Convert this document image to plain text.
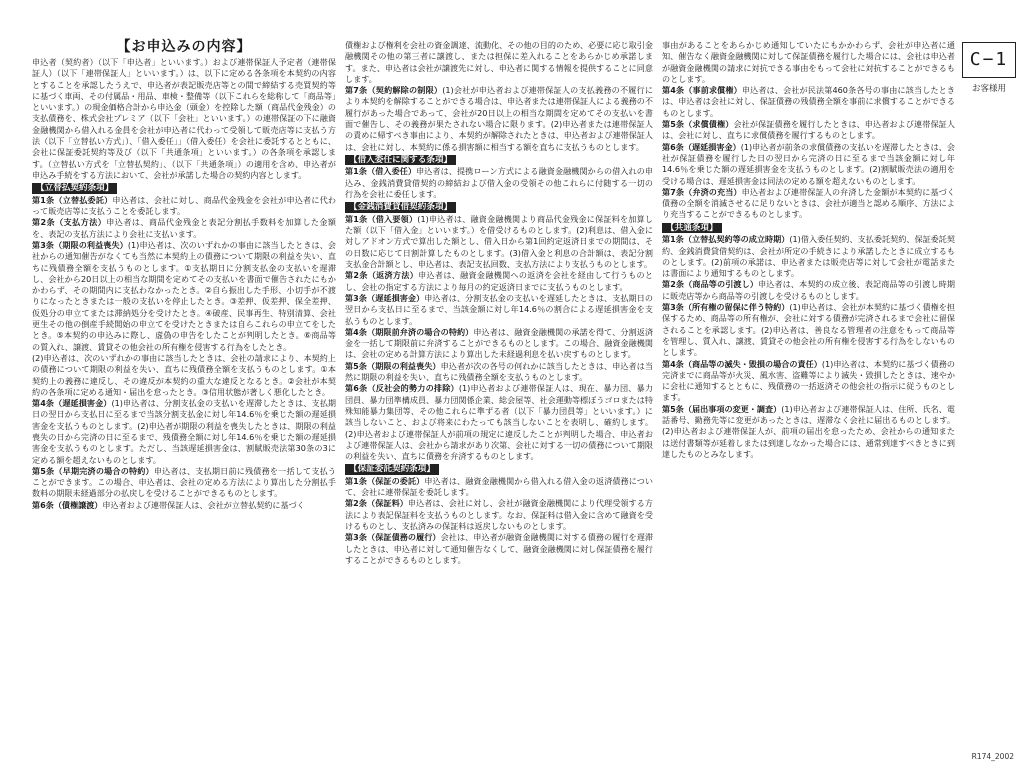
【お申込みの内容】

申込者（契約者）（以下「申込者」といいます。）および連帯保証人予定者（連帯保証人）（以下「連帯保証人」といいます。）は、以下に定める各条項を本契約の内容とすることを承認したうえで、申込者が表記販売店等との間で締結する売買契約等に基づく車両、その付属品・用品、車検・整備等（以下これらを総称して「商品等」といいます。）の現金価格合計から申込金（頭金）を控除した額（商品代金残金）の支払債務を、株式会社プレミア（以下「会社」といいます。）の連帯保証の下に融資金融機関から借入れる金員を会社が申込者に代わって受領して販売店等に支払う方法（以下「立替払い方式」）、「借入委任」」（借入委任）を会社に委託するとともに、会社に保証委託契約等及び（以下「共通条項」といいます。）の各条項を承認します。（立替払い方式を「立替払契約」、（以下「共通条項」）の適用を含め、申込者が申込み手続をする方法において、会社が承諾した場合の契約内容とします。

【立替払契約条項】

第1条（立替払委託）申込者は、会社に対し、商品代金残金を会社が申込者に代わって販売店等に支払うことを委託します。

第2条（支払方法）申込者は、商品代金残金と表記分割払手数料を加算した金額を、表記の支払方法により会社に支払います。

第3条（期限の利益喪失）(1)申込者は、次のいずれかの事由に該当したときは、会社からの通知催告がなくても当然に本契約上の債務について期限の利益を失い、直ちに残債務全額を支払うものとします。①支払期日に分割支払金の支払いを遅滞し、会社から20日以上の相当な期間を定めてその支払いを書面で催告されたにもかかわらず、その期間内に支払わなかったとき。②自ら振出した手形、小切手が不渡りになったときまたは一般の支払いを停止したとき。③差押、仮差押、保全差押、仮処分の申立てまたは滞納処分を受けたとき。④破産、民事再生、特別清算、会社更生その他の倒産手続開始の申立てを受けたときまたは自らこれらの申立てをしたとき。⑤本契約の申込みに際し、虚偽の申告をしたことが判明したとき。⑥商品等の質入れ、譲渡、賃貸その他会社の所有権を侵害する行為をしたとき。

(2)申込者は、次のいずれかの事由に該当したときは、会社の請求により、本契約上の債務について期限の利益を失い、直ちに残債務全額を支払うものとします。①本契約上の義務に違反し、その違反が本契約の重大な違反となるとき。②会社が本契約の各条項に定める通知・届出を怠ったとき。③信用状態が著しく悪化したとき。

第4条（遅延損害金）(1)申込者は、分割支払金の支払いを遅滞したときは、支払期日の翌日から支払日に至るまで当該分割支払金に対し年14.6％を乗じた額の遅延損害金を支払うものとします。(2)申込者が期限の利益を喪失したときは、期限の利益喪失の日から完済の日に至るまで、残債務全額に対し年14.6％を乗じた額の遅延損害金を支払うものとします。ただし、当該遅延損害金は、割賦販売法第30条の3に定める額を超えないものとします。

第5条（早期完済の場合の特約）申込者は、支払期日前に残債務を一括して支払うことができます。この場合、申込者は、会社の定める方法により算出した分割払手数料の期限未経過部分の払戻しを受けることができるものとします。

第6条（債権譲渡）申込者および連帯保証人は、会社が立替払契約に基づく

債権および権利を会社の資金調達、流動化、その他の目的のため、必要に応じ取引金融機関その他の第三者に譲渡し、または担保に差入れることをあらかじめ承諾します。また、申込者は会社が譲渡先に対し、申込者に関する情報を提供することに同意します。

第7条（契約解除の制限）(1)会社が申込者および連帯保証人の支払義務の不履行により本契約を解除することができる場合は、申込者または連帯保証人による義務の不履行があった場合であって、会社が20日以上の相当な期間を定めてその支払いを書面で催告し、その義務が果たされない場合に限ります。(2)申込者または連帯保証人の責めに帰すべき事由により、本契約が解除されたときは、申込者および連帯保証人は、会社に対し、本契約に係る損害額に相当する額を直ちに支払うものとします。

【借入委任に関する条項】

第1条（借入委任）申込者は、提携ローン方式による融資金融機関からの借入れの申込み、金銭消費貸借契約の締結および借入金の受領その他これらに付随する一切の行為を会社に委任します。

【金銭消費貸借契約条項】

第1条（借入要領）(1)申込者は、融資金融機関より商品代金残金に保証料を加算した額（以下「借入金」といいます。）を借受けるものとします。(2)利息は、借入金に対しアドオン方式で算出した額とし、借入日から第1回約定返済日までの期間は、その日数に応じて日割計算したものとします。(3)借入金と利息の合計額は、表記分割支払金合計額とし、申込者は、表記支払回数、支払方法により支払うものとします。

第2条（返済方法）申込者は、融資金融機関への返済を会社を経由して行うものとし、会社の指定する方法により毎月の約定返済日までに支払うものとします。

第3条（遅延損害金）申込者は、分割支払金の支払いを遅延したときは、支払期日の翌日から支払日に至るまで、当該金額に対し年14.6％の割合による遅延損害金を支払うものとします。

第4条（期限前弁済の場合の特約）申込者は、融資金融機関の承諾を得て、分割返済金を一括して期限前に弁済することができるものとします。この場合、融資金融機関は、会社の定める計算方法により算出した未経過利息を払い戻すものとします。

第5条（期限の利益喪失）申込者が次の各号の何れかに該当したときは、申込者は当然に期限の利益を失い、直ちに残債務全額を支払うものとします。

第6条（反社会的勢力の排除）(1)申込者および連帯保証人は、現在、暴力団、暴力団員、暴力団準構成員、暴力団関係企業、総会屋等、社会運動等標ぼうゴロまたは特殊知能暴力集団等、その他これらに準ずる者（以下「暴力団員等」といいます。）に該当しないこと、および将来にわたっても該当しないことを表明し、確約します。(2)申込者および連帯保証人が前項の規定に違反したことが判明した場合、申込者および連帯保証人は、会社から請求があり次第、会社に対する一切の債務について期限の利益を失い、直ちに債務を弁済するものとします。

【保証委託契約条項】

第1条（保証の委託）申込者は、融資金融機関から借入れる借入金の返済債務について、会社に連帯保証を委託します。

第2条（保証料）申込者は、会社に対し、会社が融資金融機関により代理受領する方法により表記保証料を支払うものとします。なお、保証料は借入金に含めて融資を受けるものとし、支払済みの保証料は返戻しないものとします。

第3条（保証債務の履行）会社は、申込者が融資金融機関に対する債務の履行を遅滞したときは、申込者に対して通知催告なくして、融資金融機関に対し保証債務を履行することができるものとします。

事由があることをあらかじめ通知していたにもかかわらず、会社が申込者に通知、催告なく融資金融機関に対して保証債務を履行した場合には、会社は申込者が融資金融機関の請求に対抗できる事由をもって会社に対抗することができるものとします。

第4条（事前求償権）申込者は、会社が民法第460条各号の事由に該当したときは、申込者は会社に対し、保証債務の残債務全額を事前に求償することができるものとします。

第5条（求償債権）会社が保証債務を履行したときは、申込者および連帯保証人は、会社に対し、直ちに求償債務を履行するものとします。

第6条（遅延損害金）(1)申込者が前条の求償債務の支払いを遅滞したときは、会社が保証債務を履行した日の翌日から完済の日に至るまで当該金額に対し年14.6％を乗じた額の遅延損害金を支払うものとします。(2)割賦販売法の適用を受ける場合は、遅延損害金は同法の定める額を超えないものとします。

第7条（弁済の充当）申込者および連帯保証人の弁済した金額が本契約に基づく債務の全額を消滅させるに足りないときは、会社が適当と認める順序、方法により充当することができるものとします。

【共通条項】

第1条（立替払契約等の成立時期）(1)借入委任契約、支払委託契約、保証委託契約、金銭消費貸借契約は、会社が所定の手続きにより承諾したときに成立するものとします。(2)前項の承諾は、申込者または販売店等に対して会社が電話または書面により通知するものとします。

第2条（商品等の引渡し）申込者は、本契約の成立後、表記商品等の引渡し時期に販売店等から商品等の引渡しを受けるものとします。

第3条（所有権の留保に伴う特約）(1)申込者は、会社が本契約に基づく債権を担保するため、商品等の所有権が、会社に対する債務が完済されるまで会社に留保されることを承認します。(2)申込者は、善良なる管理者の注意をもって商品等を管理し、質入れ、譲渡、賃貸その他会社の所有権を侵害する行為をしないものとします。

第4条（商品等の滅失・毀損の場合の責任）(1)申込者は、本契約に基づく債務の完済までに商品等が火災、風水害、盗難等により滅失・毀損したときは、速やかに会社に通知するとともに、残債務の一括返済その他会社の指示に従うものとします。

第5条（届出事項の変更・調査）(1)申込者および連帯保証人は、住所、氏名、電話番号、勤務先等に変更があったときは、遅滞なく会社に届出るものとします。(2)申込者および連帯保証人が、前項の届出を怠ったため、会社からの通知または送付書類等が延着しまたは到達しなかった場合には、通常到達すべきときに到達したものとみなします。

C−1
お客様用
R174_2002
